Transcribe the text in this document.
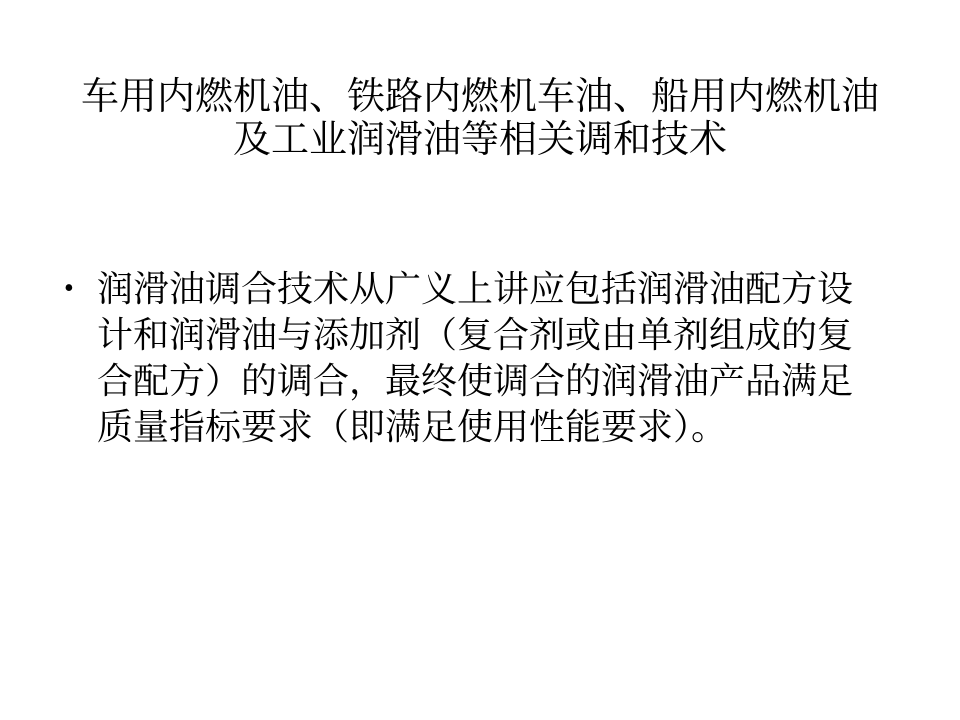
车用内燃机油、铁路内燃机车油、船用内燃机油
及工业润滑油等相关调和技术
• 润滑油调合技术从广义上讲应包括润滑油配方设
计和润滑油与添加剂（复合剂或由单剂组成的复
合配方）的调合，最终使调合的润滑油产品满足
质量指标要求（即满足使用性能要求）。
